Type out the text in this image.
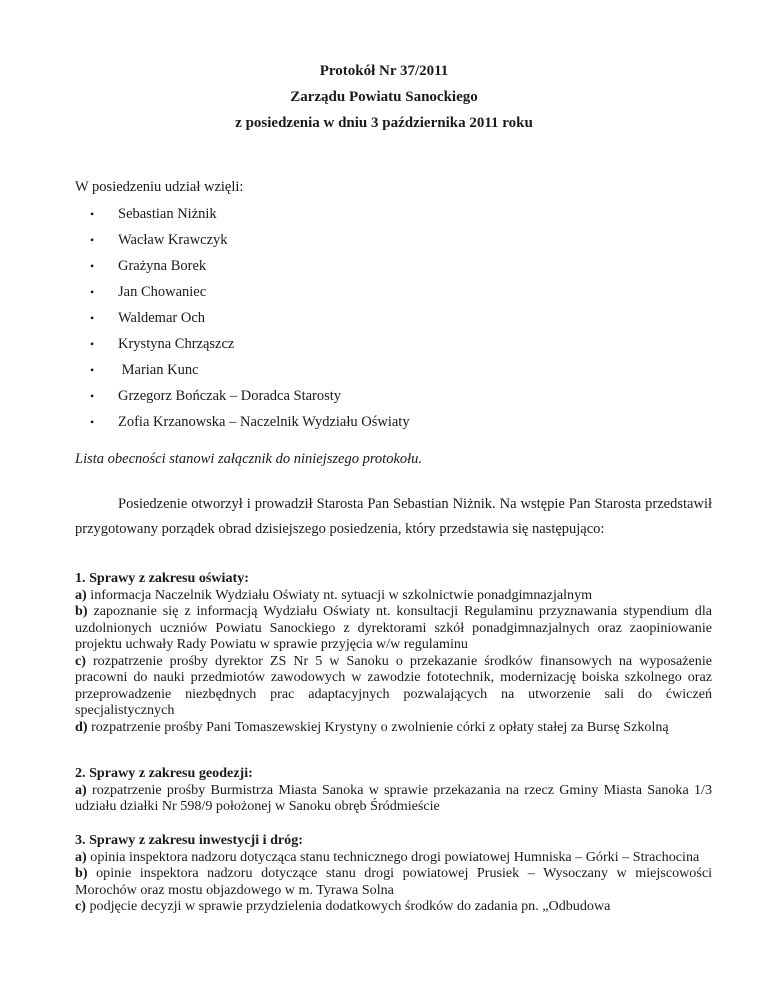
Protokół Nr 37/2011
Zarządu Powiatu Sanockiego
z posiedzenia w dniu 3 października 2011 roku
W posiedzeniu udział wzięli:
• Sebastian Niżnik
• Wacław Krawczyk
• Grażyna Borek
• Jan Chowaniec
• Waldemar Och
• Krystyna Chrząszcz
• Marian Kunc
• Grzegorz Bończak – Doradca Starosty
• Zofia Krzanowska – Naczelnik Wydziału Oświaty
Lista obecności stanowi załącznik do niniejszego protokołu.
Posiedzenie otworzył i prowadził Starosta Pan Sebastian Niżnik. Na wstępie Pan Starosta przedstawił przygotowany porządek obrad dzisiejszego posiedzenia, który przedstawia się następująco:
1. Sprawy z zakresu oświaty:

a) informacja Naczelnik Wydziału Oświaty nt. sytuacji w szkolnictwie ponadgimnazjalnym

b) zapoznanie się z informacją Wydziału Oświaty nt. konsultacji Regulaminu przyznawania stypendium dla uzdolnionych uczniów Powiatu Sanockiego z dyrektorami szkół ponadgimnazjalnych oraz zaopiniowanie projektu uchwały Rady Powiatu w sprawie przyjęcia w/w regulaminu

c) rozpatrzenie prośby dyrektor ZS Nr 5 w Sanoku o przekazanie środków finansowych na wyposażenie pracowni do nauki przedmiotów zawodowych w zawodzie fototechnik, modernizację boiska szkolnego oraz przeprowadzenie niezbędnych prac adaptacyjnych pozwalających na utworzenie sali do ćwiczeń specjalistycznych

d) rozpatrzenie prośby Pani Tomaszewskiej Krystyny o zwolnienie córki z opłaty stałej za Bursę Szkolną

2. Sprawy z zakresu geodezji:

a) rozpatrzenie prośby Burmistrza Miasta Sanoka w sprawie przekazania na rzecz Gminy Miasta Sanoka 1/3 udziału działki Nr 598/9 położonej w Sanoku obręb Śródmieście

3. Sprawy z zakresu inwestycji i dróg:

a) opinia inspektora nadzoru dotycząca stanu technicznego drogi powiatowej Humniska – Górki – Strachocina

b) opinie inspektora nadzoru dotyczące stanu drogi powiatowej Prusiek – Wysoczany w miejscowości Morochów oraz mostu objazdowego w m. Tyrawa Solna

c) podjęcie decyzji w sprawie przydzielenia dodatkowych środków do zadania pn. „Odbudowa
